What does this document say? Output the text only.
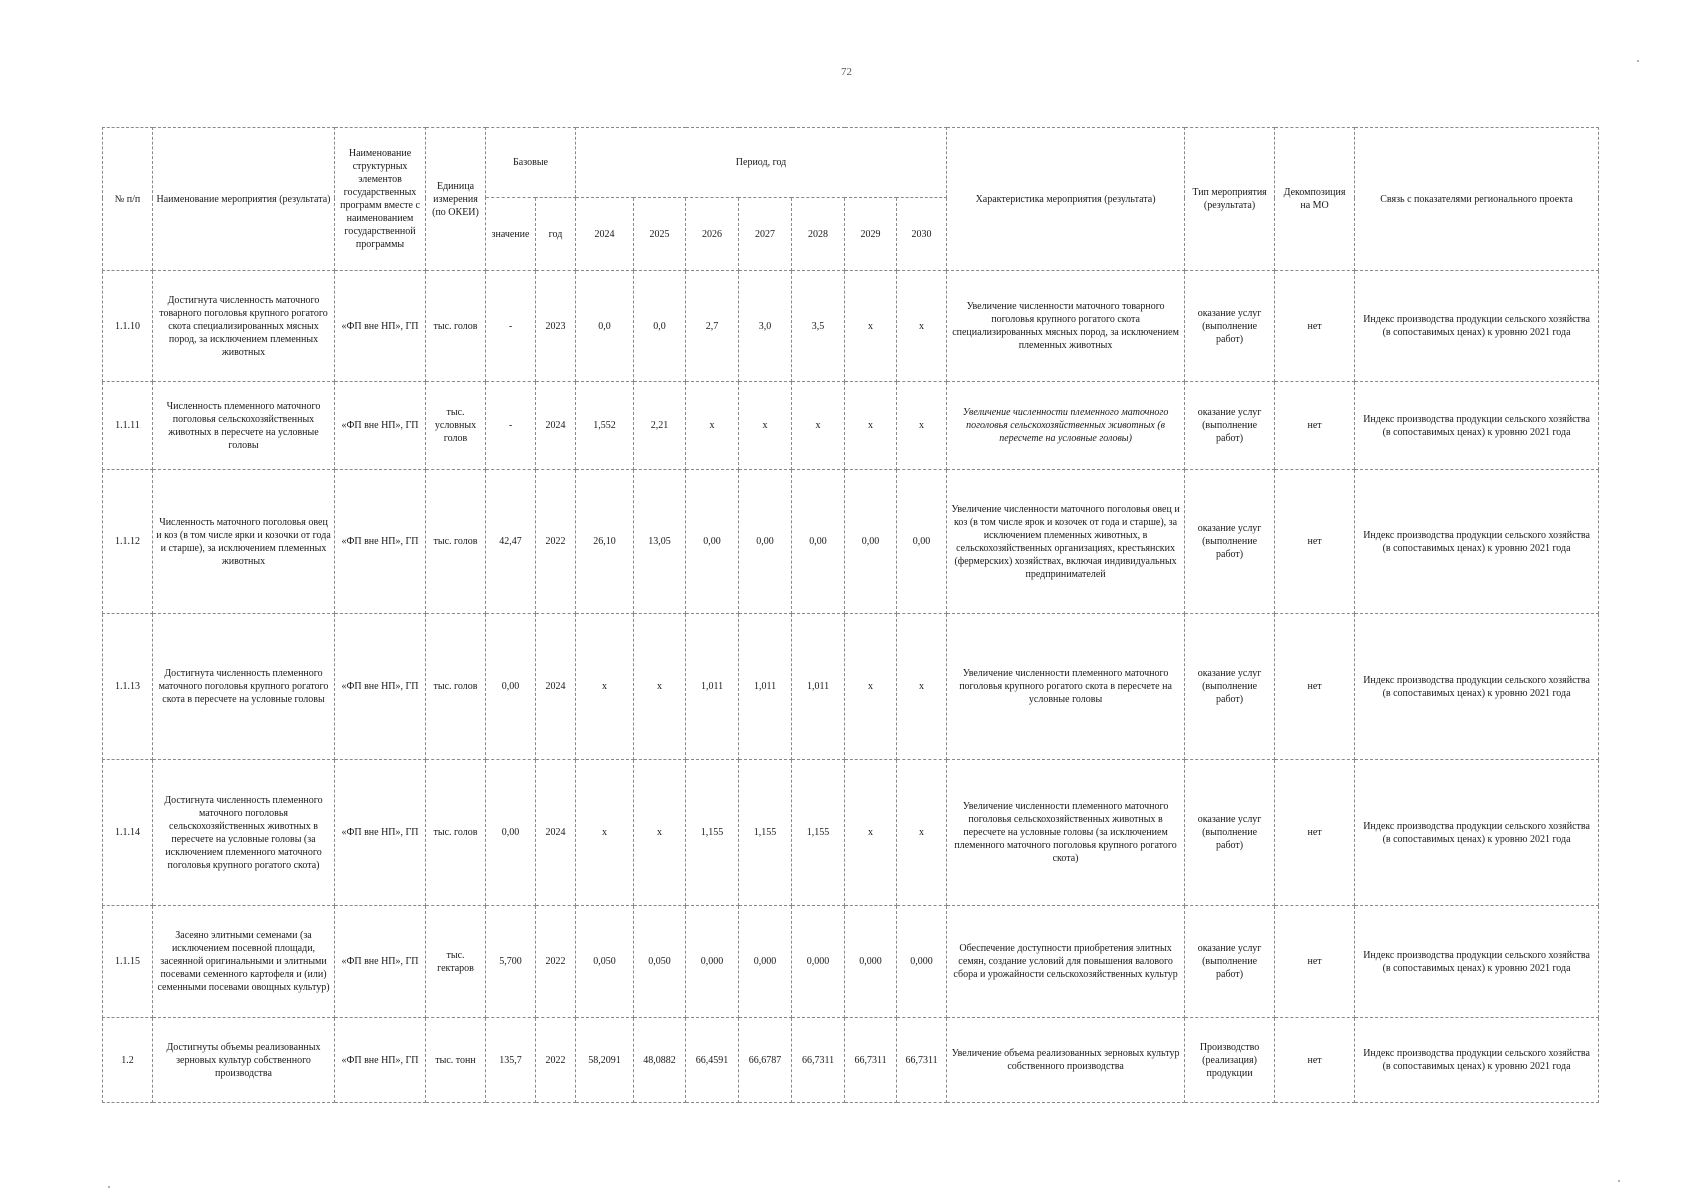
72
№ п/п	Наименование мероприятия (результата)	Наименование структурных элементов государственных программ вместе с наименованием государственной программы	Единица измерения (по ОКЕИ)	Базовые		Период, год							Характеристика мероприятия (результата)	Тип мероприятия (результата)	Декомпозиция на МО	Связь с показателями регионального проекта
				значение	год	2024	2025	2026	2027	2028	2029	2030				
1.1.10	Достигнута численность маточного товарного поголовья крупного рогатого скота специализированных мясных пород, за исключением племенных животных	«ФП вне НП», ГП	тыс. голов	-	2023	0,0	0,0	2,7	3,0	3,5	x	x	Увеличение численности маточного товарного поголовья крупного рогатого скота специализированных мясных пород, за исключением племенных животных	оказание услуг (выполнение работ)	нет	Индекс производства продукции сельского хозяйства (в сопоставимых ценах) к уровню 2021 года
1.1.11	Численность племенного маточного поголовья сельскохозяйственных животных в пересчете на условные головы	«ФП вне НП», ГП	тыс. условных голов	-	2024	1,552	2,21	x	x	x	x	x	Увеличение численности племенного маточного поголовья сельскохозяйственных животных (в пересчете на условные головы)	оказание услуг (выполнение работ)	нет	Индекс производства продукции сельского хозяйства (в сопоставимых ценах) к уровню 2021 года
1.1.12	Численность маточного поголовья овец и коз (в том числе ярки и козочки от года и старше), за исключением племенных животных	«ФП вне НП», ГП	тыс. голов	42,47	2022	26,10	13,05	0,00	0,00	0,00	0,00	0,00	Увеличение численности маточного поголовья овец и коз (в том числе ярок и козочек от года и старше), за исключением племенных животных, в сельскохозяйственных организациях, крестьянских (фермерских) хозяйствах, включая индивидуальных предпринимателей	оказание услуг (выполнение работ)	нет	Индекс производства продукции сельского хозяйства (в сопоставимых ценах) к уровню 2021 года
1.1.13	Достигнута численность племенного маточного поголовья крупного рогатого скота в пересчете на условные головы	«ФП вне НП», ГП	тыс. голов	0,00	2024	x	x	1,011	1,011	1,011	x	x	Увеличение численности племенного маточного поголовья крупного рогатого скота в пересчете на условные головы	оказание услуг (выполнение работ)	нет	Индекс производства продукции сельского хозяйства (в сопоставимых ценах) к уровню 2021 года
1.1.14	Достигнута численность племенного маточного поголовья сельскохозяйственных животных в пересчете на условные головы (за исключением племенного маточного поголовья крупного рогатого скота)	«ФП вне НП», ГП	тыс. голов	0,00	2024	x	x	1,155	1,155	1,155	x	x	Увеличение численности племенного маточного поголовья сельскохозяйственных животных в пересчете на условные головы (за исключением племенного маточного поголовья крупного рогатого скота)	оказание услуг (выполнение работ)	нет	Индекс производства продукции сельского хозяйства (в сопоставимых ценах) к уровню 2021 года
1.1.15	Засеяно элитными семенами (за исключением посевной площади, засеянной оригинальными и элитными посевами семенного картофеля и (или) семенными посевами овощных культур)	«ФП вне НП», ГП	тыс. гектаров	5,700	2022	0,050	0,050	0,000	0,000	0,000	0,000	0,000	Обеспечение доступности приобретения элитных семян, создание условий для повышения валового сбора и урожайности сельскохозяйственных культур	оказание услуг (выполнение работ)	нет	Индекс производства продукции сельского хозяйства (в сопоставимых ценах) к уровню 2021 года
1.2	Достигнуты объемы реализованных зерновых культур собственного производства	«ФП вне НП», ГП	тыс. тонн	135,7	2022	58,2091	48,0882	66,4591	66,6787	66,7311	66,7311	66,7311	Увеличение объема реализованных зерновых культур собственного производства	Производство (реализация) продукции	нет	Индекс производства продукции сельского хозяйства (в сопоставимых ценах) к уровню 2021 года
